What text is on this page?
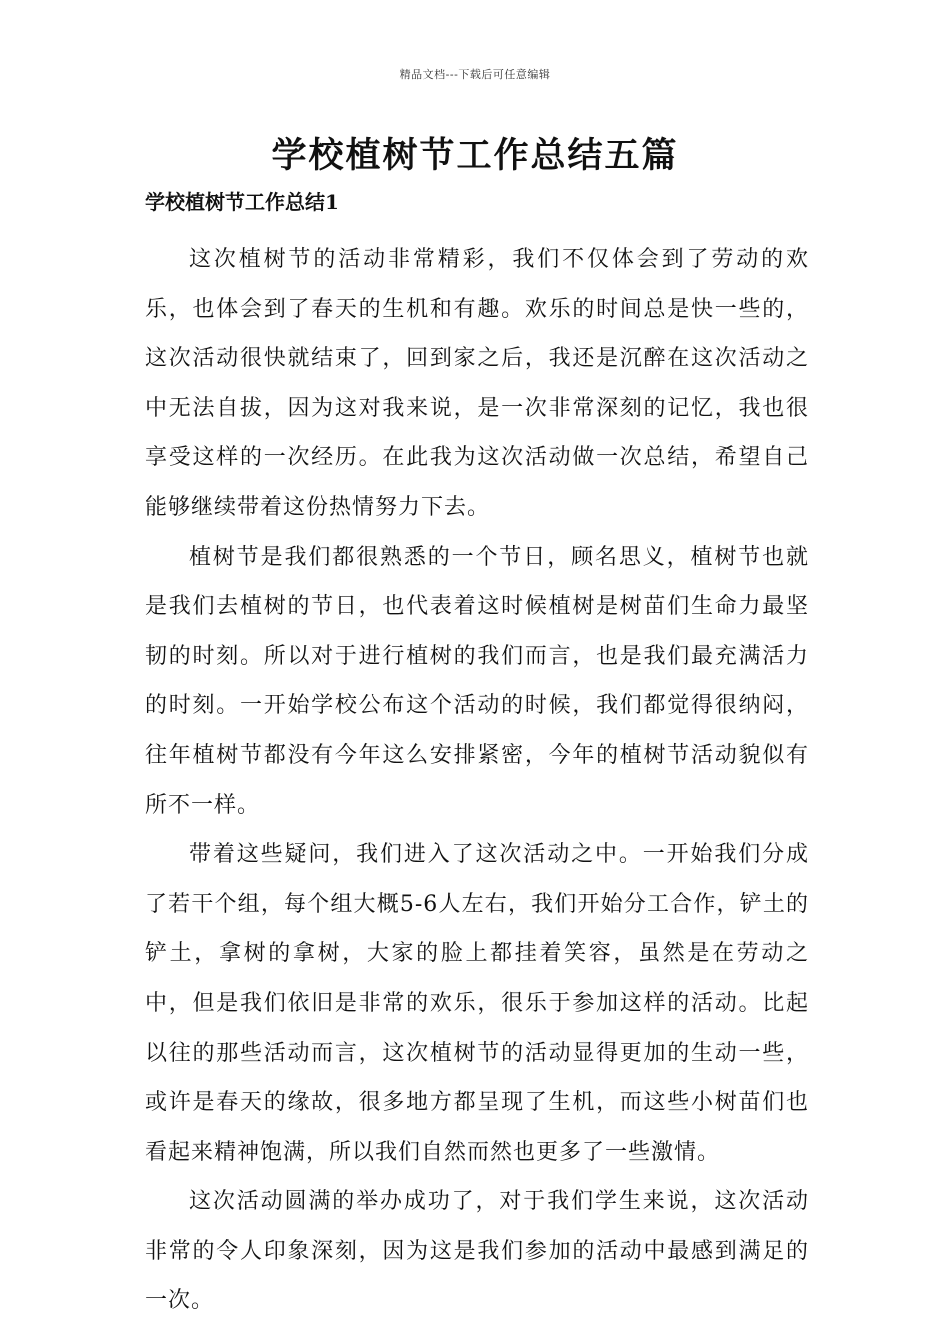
精品文档---下载后可任意编辑
学校植树节工作总结五篇
学校植树节工作总结1

这次植树节的活动非常精彩，我们不仅体会到了劳动的欢乐，也体会到了春天的生机和有趣。欢乐的时间总是快一些的，这次活动很快就结束了，回到家之后，我还是沉醉在这次活动之中无法自拔，因为这对我来说，是一次非常深刻的记忆，我也很享受这样的一次经历。在此我为这次活动做一次总结，希望自己能够继续带着这份热情努力下去。

植树节是我们都很熟悉的一个节日，顾名思义，植树节也就是我们去植树的节日，也代表着这时候植树是树苗们生命力最坚韧的时刻。所以对于进行植树的我们而言，也是我们最充满活力的时刻。一开始学校公布这个活动的时候，我们都觉得很纳闷，往年植树节都没有今年这么安排紧密，今年的植树节活动貌似有所不一样。

带着这些疑问，我们进入了这次活动之中。一开始我们分成了若干个组，每个组大概5-6人左右，我们开始分工合作，铲土的铲土，拿树的拿树，大家的脸上都挂着笑容，虽然是在劳动之中，但是我们依旧是非常的欢乐，很乐于参加这样的活动。比起以往的那些活动而言，这次植树节的活动显得更加的生动一些，或许是春天的缘故，很多地方都呈现了生机，而这些小树苗们也看起来精神饱满，所以我们自然而然也更多了一些激情。

这次活动圆满的举办成功了，对于我们学生来说，这次活动非常的令人印象深刻，因为这是我们参加的活动中最感到满足的一次。
